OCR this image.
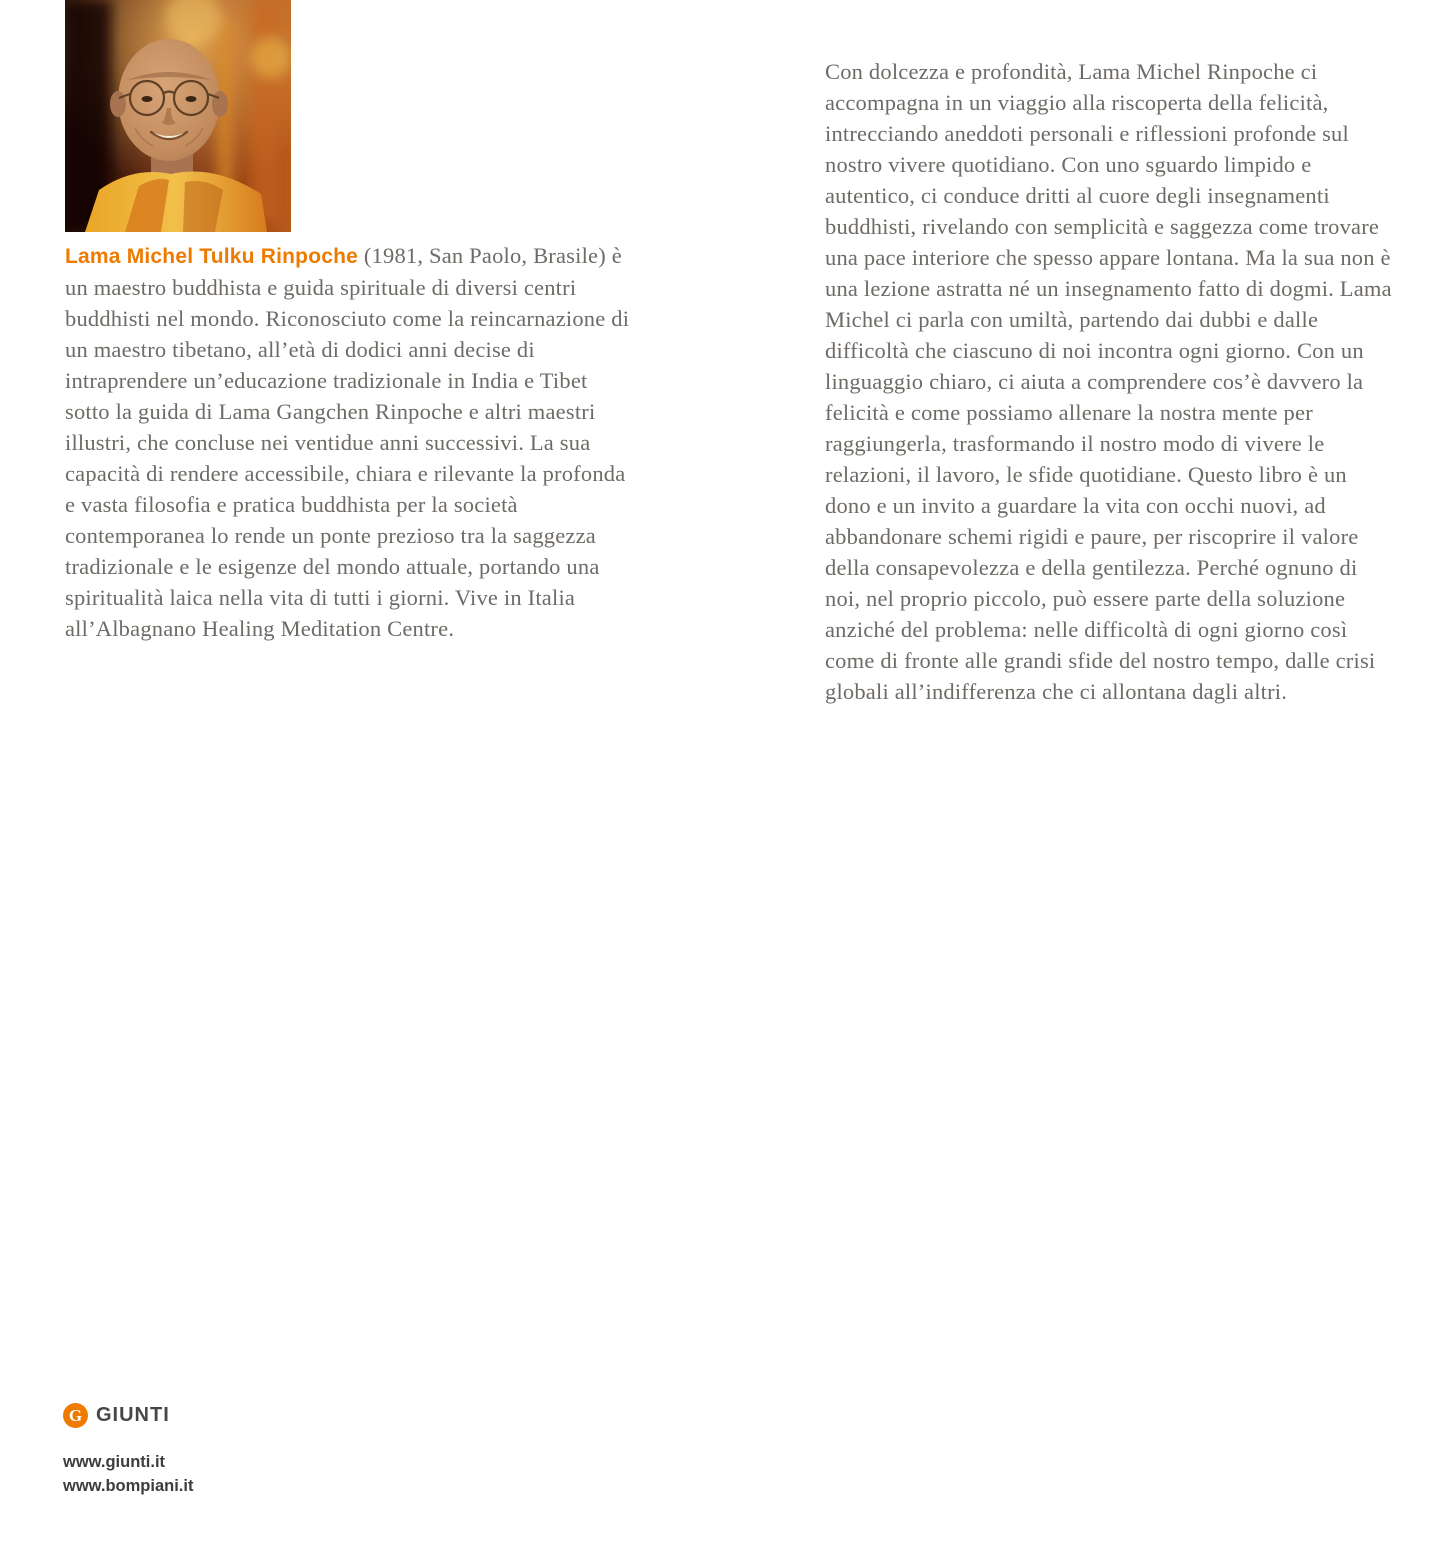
Lama Michel Tulku Rinpoche (1981, San Paolo, Brasile) è un maestro buddhista e guida spirituale di diversi centri buddhisti nel mondo. Riconosciuto come la reincarnazione di un maestro tibetano, all’età di dodici anni decise di intraprendere un’educazione tradizionale in India e Tibet sotto la guida di Lama Gangchen Rinpoche e altri maestri illustri, che concluse nei ventidue anni successivi. La sua capacità di rendere accessibile, chiara e rilevante la profonda e vasta filosofia e pratica buddhista per la società contemporanea lo rende un ponte prezioso tra la saggezza tradizionale e le esigenze del mondo attuale, portando una spiritualità laica nella vita di tutti i giorni. Vive in Italia all’Albagnano Healing Meditation Centre.

Con dolcezza e profondità, Lama Michel Rinpoche ci accompagna in un viaggio alla riscoperta della felicità, intrecciando aneddoti personali e riflessioni profonde sul nostro vivere quotidiano. Con uno sguardo limpido e autentico, ci conduce dritti al cuore degli insegnamenti buddhisti, rivelando con semplicità e saggezza come trovare una pace interiore che spesso appare lontana. Ma la sua non è una lezione astratta né un insegnamento fatto di dogmi. Lama Michel ci parla con umiltà, partendo dai dubbi e dalle difficoltà che ciascuno di noi incontra ogni giorno. Con un linguaggio chiaro, ci aiuta a comprendere cos’è davvero la felicità e come possiamo allenare la nostra mente per raggiungerla, trasformando il nostro modo di vivere le relazioni, il lavoro, le sfide quotidiane. Questo libro è un dono e un invito a guardare la vita con occhi nuovi, ad abbandonare schemi rigidi e paure, per riscoprire il valore della consapevolezza e della gentilezza. Perché ognuno di noi, nel proprio piccolo, può essere parte della soluzione anziché del problema: nelle difficoltà di ogni giorno così come di fronte alle grandi sfide del nostro tempo, dalle crisi globali all’indifferenza che ci allontana dagli altri.

G GIUNTI
www.giunti.it
www.bompiani.it
